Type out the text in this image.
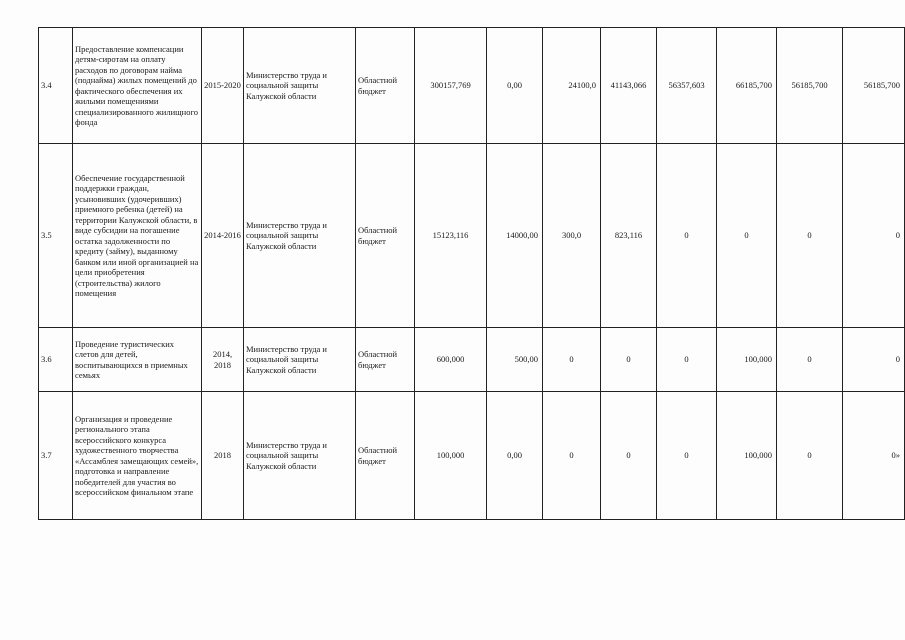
3.4	Предоставление компенсации детям-сиротам на оплату расходов по договорам найма (поднайма) жилых помещений до фактического обеспечения их жилыми помещениями специализированного жилищного фонда	2015-2020	Министерство труда и социальной защиты Калужской области	Областной бюджет	300157,769	0,00	24100,0	41143,066	56357,603	66185,700	56185,700	56185,700
3.5	Обеспечение государственной поддержки граждан, усыновивших (удочеривших) приемного ребенка (детей) на территории Калужской области, в виде субсидии на погашение остатка задолженности по кредиту (займу), выданному банком или иной организацией на цели приобретения (строительства) жилого помещения	2014-2016	Министерство труда и социальной защиты Калужской области	Областной бюджет	15123,116	14000,00	300,0	823,116	0	0	0	0
3.6	Проведение туристических слетов для детей, воспитывающихся в приемных семьях	2014, 2018	Министерство труда и социальной защиты Калужской области	Областной бюджет	600,000	500,00	0	0	0	100,000	0	0
3.7	Организация и проведение регионального этапа всероссийского конкурса художественного творчества «Ассамблея замещающих семей», подготовка и направление победителей для участия во всероссийском финальном этапе	2018	Министерство труда и социальной защиты Калужской области	Областной бюджет	100,000	0,00	0	0	0	100,000	0	0»
